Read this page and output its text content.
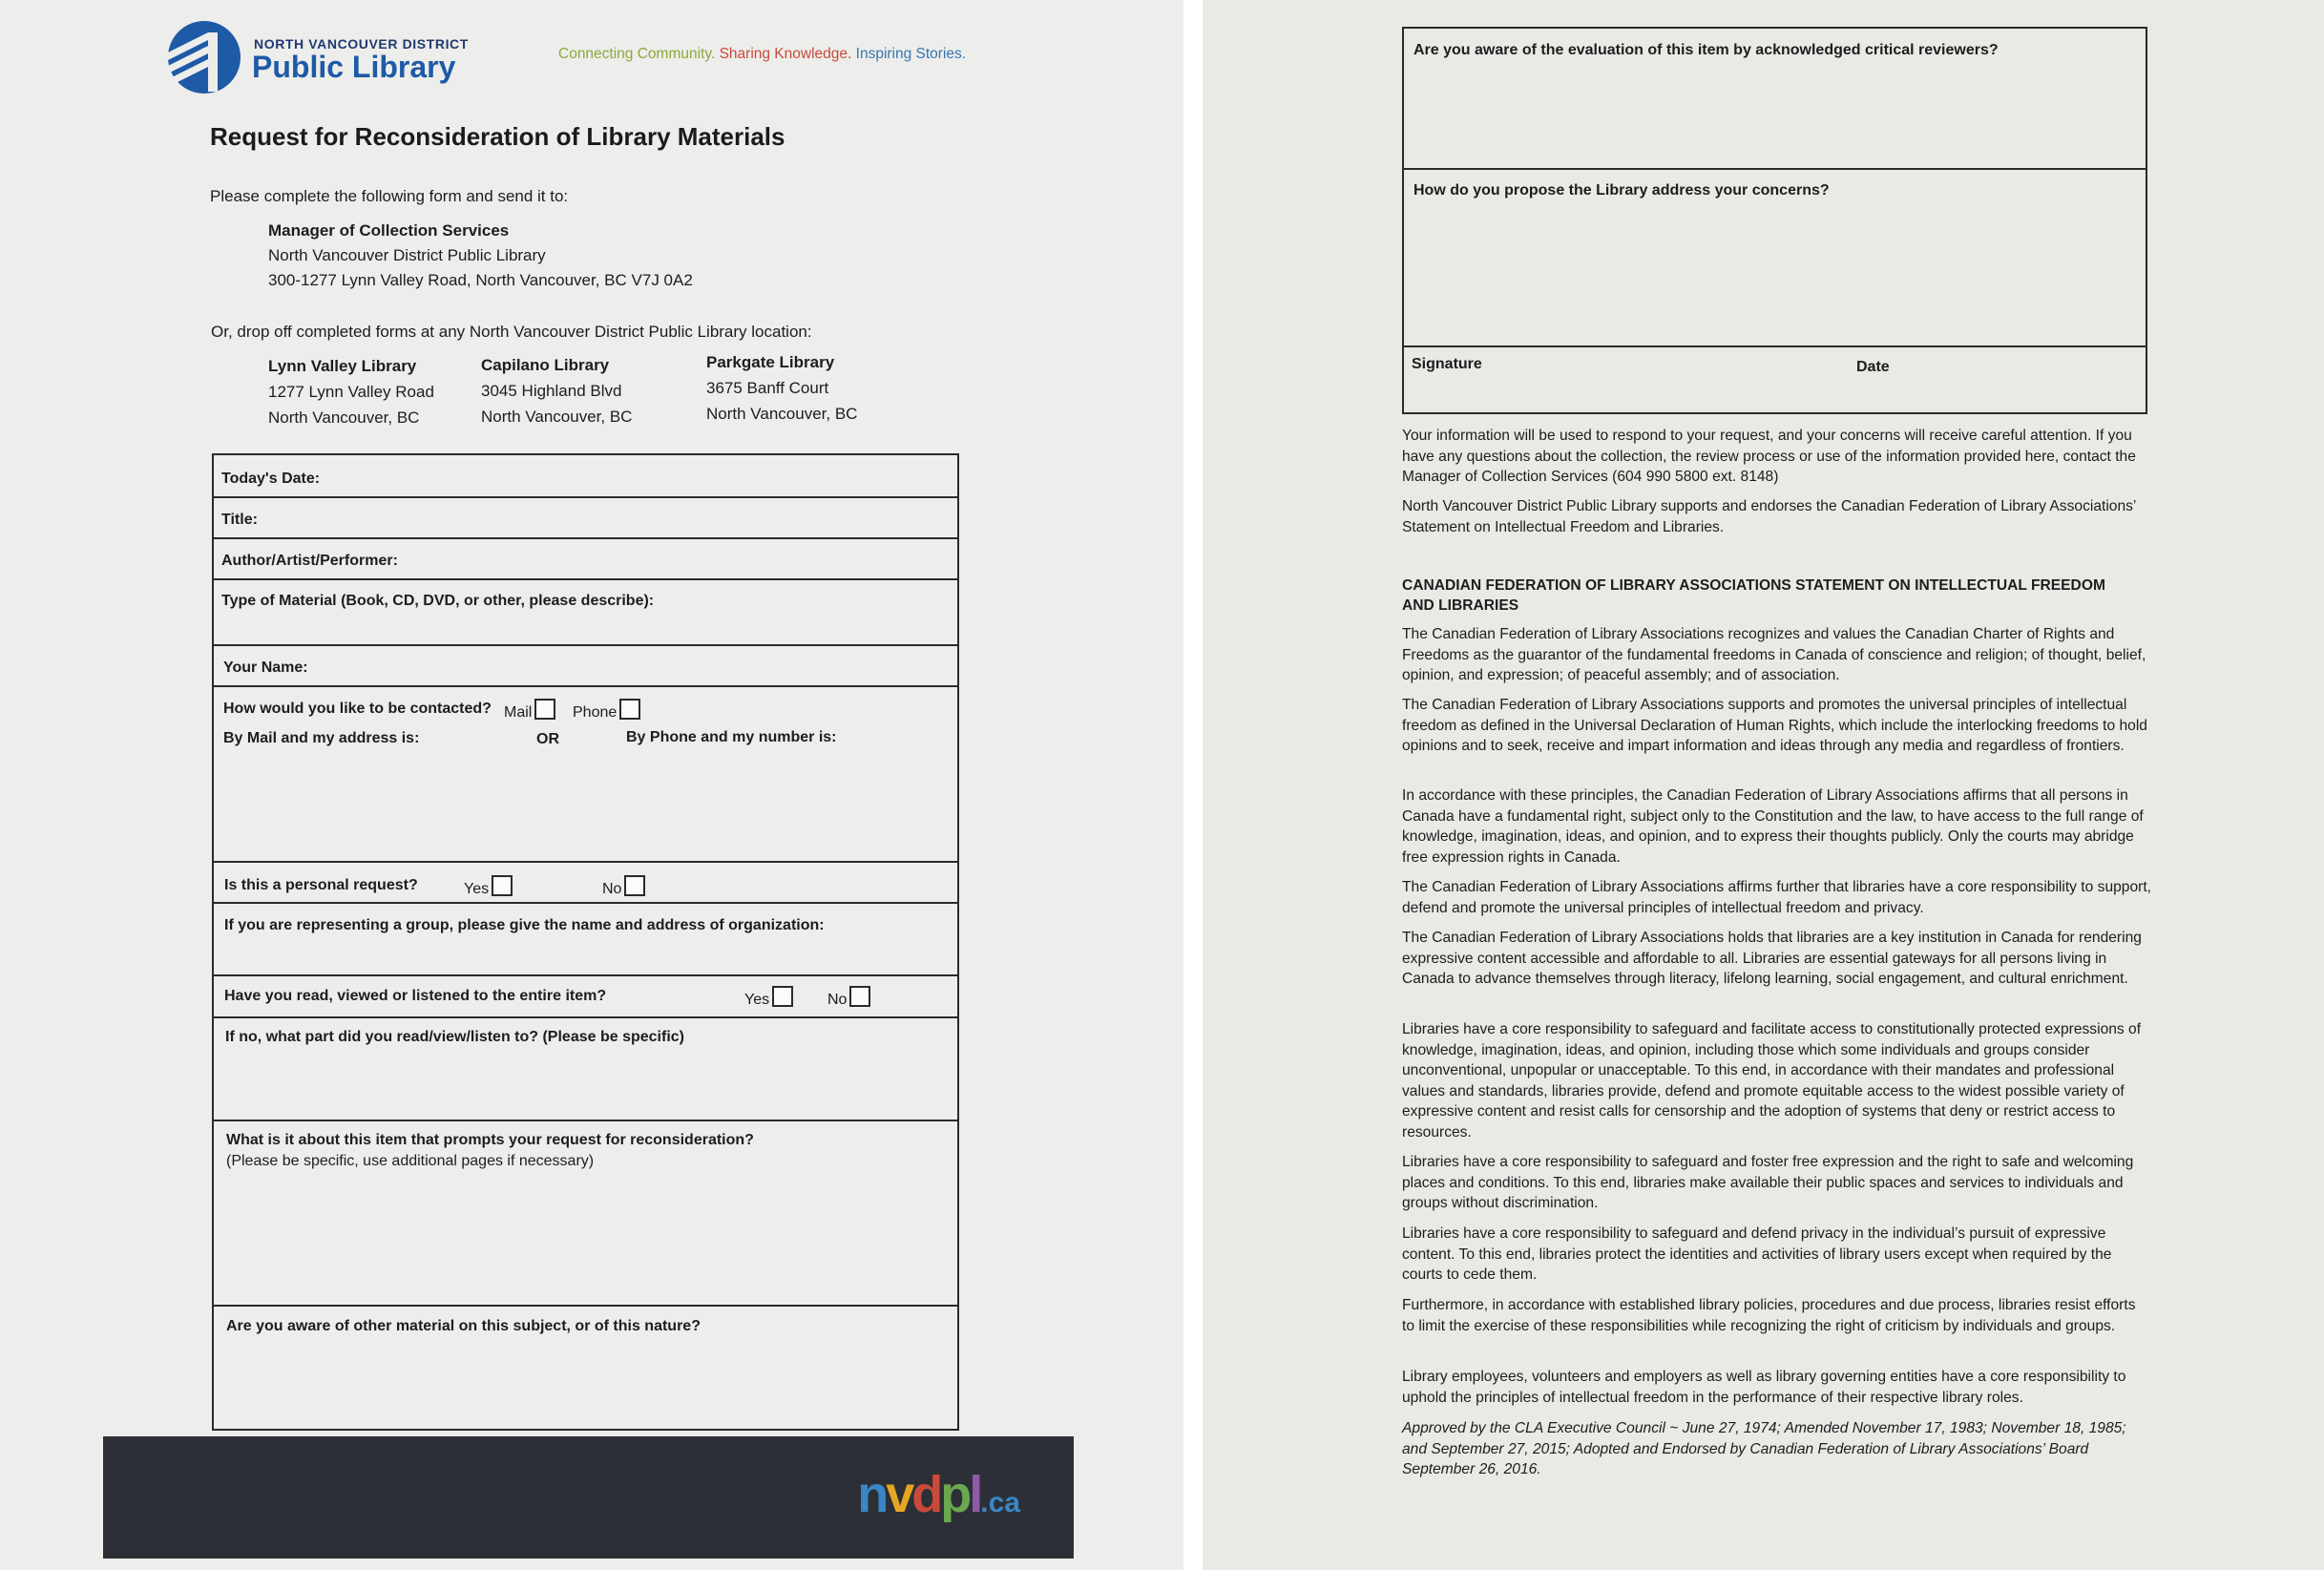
NORTH VANCOUVER DISTRICT
Public Library	Connecting Community. Sharing Knowledge. Inspiring Stories.
Request for Reconsideration of Library Materials
Please complete the following form and send it to:
Manager of Collection Services
North Vancouver District Public Library
300-1277 Lynn Valley Road, North Vancouver, BC V7J 0A2
Or, drop off completed forms at any North Vancouver District Public Library location:
Lynn Valley Library
1277 Lynn Valley Road
North Vancouver, BC
Capilano Library
3045 Highland Blvd
North Vancouver, BC
Parkgate Library
3675 Banff Court
North Vancouver, BC
Today's Date:
Title:
Author/Artist/Performer:
Type of Material (Book, CD, DVD, or other, please describe):
Your Name:
How would you like to be contacted? Mail	Phone
By Mail and my address is:	OR	By Phone and my number is:
Is this a personal request?	Yes	No
If you are representing a group, please give the name and address of organization:
Have you read, viewed or listened to the entire item?	Yes	No
If no, what part did you read/view/listen to? (Please be specific)
What is it about this item that prompts your request for reconsideration?
(Please be specific, use additional pages if necessary)
Are you aware of other material on this subject, or of this nature?
nvdpl.ca
Are you aware of the evaluation of this item by acknowledged critical reviewers?
How do you propose the Library address your concerns?
Signature	Date
Your information will be used to respond to your request, and your concerns will receive careful attention. If you have any questions about the collection, the review process or use of the information provided here, contact the Manager of Collection Services (604 990 5800 ext. 8148)
North Vancouver District Public Library supports and endorses the Canadian Federation of Library Associations’ Statement on Intellectual Freedom and Libraries.
CANADIAN FEDERATION OF LIBRARY ASSOCIATIONS STATEMENT ON INTELLECTUAL FREEDOM AND LIBRARIES
The Canadian Federation of Library Associations recognizes and values the Canadian Charter of Rights and Freedoms as the guarantor of the fundamental freedoms in Canada of conscience and religion; of thought, belief, opinion, and expression; of peaceful assembly; and of association.
The Canadian Federation of Library Associations supports and promotes the universal principles of intellectual freedom as defined in the Universal Declaration of Human Rights, which include the interlocking freedoms to hold opinions and to seek, receive and impart information and ideas through any media and regardless of frontiers.
In accordance with these principles, the Canadian Federation of Library Associations affirms that all persons in Canada have a fundamental right, subject only to the Constitution and the law, to have access to the full range of knowledge, imagination, ideas, and opinion, and to express their thoughts publicly. Only the courts may abridge free expression rights in Canada.
The Canadian Federation of Library Associations affirms further that libraries have a core responsibility to support, defend and promote the universal principles of intellectual freedom and privacy.
The Canadian Federation of Library Associations holds that libraries are a key institution in Canada for rendering expressive content accessible and affordable to all. Libraries are essential gateways for all persons living in Canada to advance themselves through literacy, lifelong learning, social engagement, and cultural enrichment.
Libraries have a core responsibility to safeguard and facilitate access to constitutionally protected expressions of knowledge, imagination, ideas, and opinion, including those which some individuals and groups consider unconventional, unpopular or unacceptable. To this end, in accordance with their mandates and professional values and standards, libraries provide, defend and promote equitable access to the widest possible variety of expressive content and resist calls for censorship and the adoption of systems that deny or restrict access to resources.
Libraries have a core responsibility to safeguard and foster free expression and the right to safe and welcoming places and conditions. To this end, libraries make available their public spaces and services to individuals and groups without discrimination.
Libraries have a core responsibility to safeguard and defend privacy in the individual’s pursuit of expressive content. To this end, libraries protect the identities and activities of library users except when required by the courts to cede them.
Furthermore, in accordance with established library policies, procedures and due process, libraries resist efforts to limit the exercise of these responsibilities while recognizing the right of criticism by individuals and groups.
Library employees, volunteers and employers as well as library governing entities have a core responsibility to uphold the principles of intellectual freedom in the performance of their respective library roles.
Approved by the CLA Executive Council ~ June 27, 1974; Amended November 17, 1983; November 18, 1985; and September 27, 2015; Adopted and Endorsed by Canadian Federation of Library Associations’ Board September 26, 2016.
